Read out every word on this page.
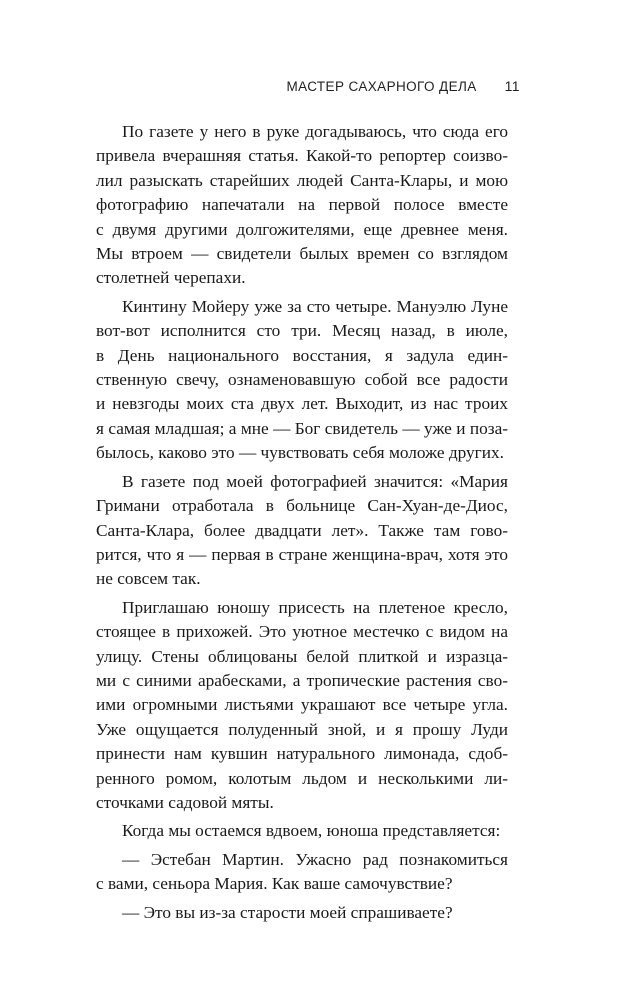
МАСТЕР САХАРНОГО ДЕЛА 11
По газете у него в руке догадываюсь, что сюда его
привела вчерашняя статья. Какой-то репортер соизво-
лил разыскать старейших людей Санта-Клары, и мою
фотографию напечатали на первой полосе вместе
с двумя другими долгожителями, еще древнее меня.
Мы втроем — свидетели былых времен со взглядом
столетней черепахи.
Кинтину Мойеру уже за сто четыре. Мануэлю Луне
вот-вот исполнится сто три. Месяц назад, в июле,
в День национального восстания, я задула един-
ственную свечу, ознаменовавшую собой все радости
и невзгоды моих ста двух лет. Выходит, из нас троих
я самая младшая; а мне — Бог свидетель — уже и поза-
былось, каково это — чувствовать себя моложе других.
В газете под моей фотографией значится: «Мария
Гримани отработала в больнице Сан-Хуан-де-Диос,
Санта-Клара, более двадцати лет». Также там гово-
рится, что я — первая в стране женщина-врач, хотя это
не совсем так.
Приглашаю юношу присесть на плетеное кресло,
стоящее в прихожей. Это уютное местечко с видом на
улицу. Стены облицованы белой плиткой и изразца-
ми с синими арабесками, а тропические растения сво-
ими огромными листьями украшают все четыре угла.
Уже ощущается полуденный зной, и я прошу Луди
принести нам кувшин натурального лимонада, сдоб-
ренного ромом, колотым льдом и несколькими ли-
сточками садовой мяты.
Когда мы остаемся вдвоем, юноша представляется:
— Эстебан Мартин. Ужасно рад познакомиться
с вами, сеньора Мария. Как ваше самочувствие?
— Это вы из-за старости моей спрашиваете?
